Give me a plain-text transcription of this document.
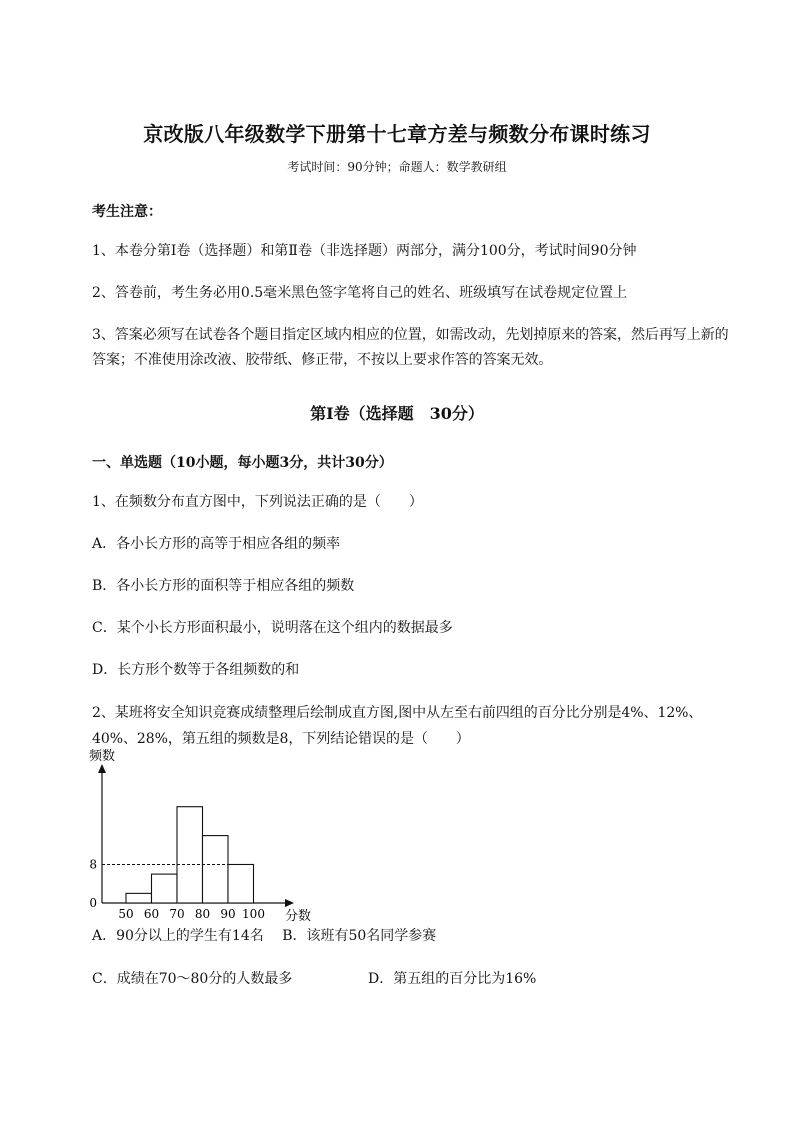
京改版八年级数学下册第十七章方差与频数分布课时练习
考试时间：90分钟；命题人：数学教研组
考生注意：
1、本卷分第I卷（选择题）和第Ⅱ卷（非选择题）两部分，满分100分，考试时间90分钟
2、答卷前，考生务必用0.5毫米黑色签字笔将自己的姓名、班级填写在试卷规定位置上
3、答案必须写在试卷各个题目指定区域内相应的位置，如需改动，先划掉原来的答案，然后再写上新的答案；不准使用涂改液、胶带纸、修正带，不按以上要求作答的答案无效。
第I卷（选择题　30分）
一、单选题（10小题，每小题3分，共计30分）
1、在频数分布直方图中，下列说法正确的是（　　）
A．各小长方形的高等于相应各组的频率
B．各小长方形的面积等于相应各组的频数
C．某个小长方形面积最小，说明落在这个组内的数据最多
D．长方形个数等于各组频数的和
2、某班将安全知识竞赛成绩整理后绘制成直方图,图中从左至右前四组的百分比分别是4%、12%、40%、28%，第五组的频数是8，下列结论错误的是（　　）
频数
分数
0
8
50 60 70 80 90 100
A．90分以上的学生有14名 B．该班有50名同学参赛
C．成绩在70～80分的人数最多	D．第五组的百分比为16%
